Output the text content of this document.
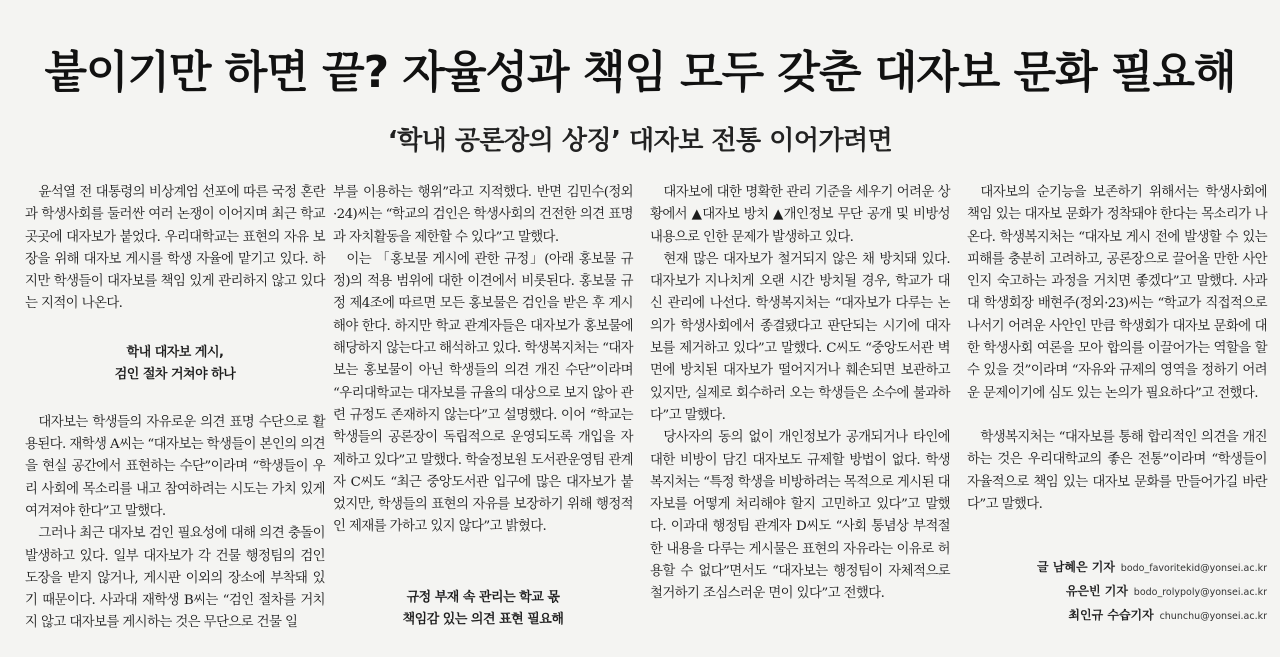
붙이기만 하면 끝? 자율성과 책임 모두 갖춘 대자보 문화 필요해
‘학내 공론장의 상징’ 대자보 전통 이어가려면

윤석열 전 대통령의 비상계엄 선포에 따른 국정 혼란과 학생사회를 둘러싼 여러 논쟁이 이어지며 최근 학교 곳곳에 대자보가 붙었다. 우리대학교는 표현의 자유 보장을 위해 대자보 게시를 학생 자율에 맡기고 있다. 하지만 학생들이 대자보를 책임 있게 관리하지 않고 있다는 지적이 나온다.

학내 대자보 게시,
검인 절차 거쳐야 하나

대자보는 학생들의 자유로운 의견 표명 수단으로 활용된다. 재학생 A씨는 “대자보는 학생들이 본인의 의견을 현실 공간에서 표현하는 수단”이라며 “학생들이 우리 사회에 목소리를 내고 참여하려는 시도는 가치 있게 여겨져야 한다”고 말했다.

그러나 최근 대자보 검인 필요성에 대해 의견 충돌이 발생하고 있다. 일부 대자보가 각 건물 행정팀의 검인 도장을 받지 않거나, 게시판 이외의 장소에 부착돼 있기 때문이다. 사과대 재학생 B씨는 “검인 절차를 거치지 않고 대자보를 게시하는 것은 무단으로 건물 일

부를 이용하는 행위”라고 지적했다. 반면 김민수(정외·24)씨는 “학교의 검인은 학생사회의 건전한 의견 표명과 자치활동을 제한할 수 있다”고 말했다.

이는 「홍보물 게시에 관한 규정」(아래 홍보물 규정)의 적용 범위에 대한 이견에서 비롯된다. 홍보물 규정 제4조에 따르면 모든 홍보물은 검인을 받은 후 게시해야 한다. 하지만 학교 관계자들은 대자보가 홍보물에 해당하지 않는다고 해석하고 있다. 학생복지처는 “대자보는 홍보물이 아닌 학생들의 의견 개진 수단”이라며 “우리대학교는 대자보를 규율의 대상으로 보지 않아 관련 규정도 존재하지 않는다”고 설명했다. 이어 “학교는 학생들의 공론장이 독립적으로 운영되도록 개입을 자제하고 있다”고 말했다. 학술정보원 도서관운영팀 관계자 C씨도 “최근 중앙도서관 입구에 많은 대자보가 붙었지만, 학생들의 표현의 자유를 보장하기 위해 행정적인 제재를 가하고 있지 않다”고 밝혔다.

규정 부재 속 관리는 학교 몫
책임감 있는 의견 표현 필요해

대자보에 대한 명확한 관리 기준을 세우기 어려운 상황에서 ▲대자보 방치 ▲개인정보 무단 공개 및 비방성 내용으로 인한 문제가 발생하고 있다.

현재 많은 대자보가 철거되지 않은 채 방치돼 있다. 대자보가 지나치게 오랜 시간 방치될 경우, 학교가 대신 관리에 나선다. 학생복지처는 “대자보가 다루는 논의가 학생사회에서 종결됐다고 판단되는 시기에 대자보를 제거하고 있다”고 말했다. C씨도 “중앙도서관 벽면에 방치된 대자보가 떨어지거나 훼손되면 보관하고 있지만, 실제로 회수하러 오는 학생들은 소수에 불과하다”고 말했다.

당사자의 동의 없이 개인정보가 공개되거나 타인에 대한 비방이 담긴 대자보도 규제할 방법이 없다. 학생복지처는 “특정 학생을 비방하려는 목적으로 게시된 대자보를 어떻게 처리해야 할지 고민하고 있다”고 말했다. 이과대 행정팀 관계자 D씨도 “사회 통념상 부적절한 내용을 다루는 게시물은 표현의 자유라는 이유로 허용할 수 없다”면서도 “대자보는 행정팀이 자체적으로 철거하기 조심스러운 면이 있다”고 전했다.

대자보의 순기능을 보존하기 위해서는 학생사회에 책임 있는 대자보 문화가 정착돼야 한다는 목소리가 나온다. 학생복지처는 “대자보 게시 전에 발생할 수 있는 피해를 충분히 고려하고, 공론장으로 끌어올 만한 사안인지 숙고하는 과정을 거치면 좋겠다”고 말했다. 사과대 학생회장 배현주(정외·23)씨는 “학교가 직접적으로 나서기 어려운 사안인 만큼 학생회가 대자보 문화에 대한 학생사회 여론을 모아 합의를 이끌어가는 역할을 할 수 있을 것”이라며 “자유와 규제의 영역을 정하기 어려운 문제이기에 심도 있는 논의가 필요하다”고 전했다.

학생복지처는 “대자보를 통해 합리적인 의견을 개진하는 것은 우리대학교의 좋은 전통”이라며 “학생들이 자율적으로 책임 있는 대자보 문화를 만들어가길 바란다”고 말했다.

글 남혜은 기자 bodo_favoritekid@yonsei.ac.kr
유은빈 기자 bodo_rolypoly@yonsei.ac.kr
최인규 수습기자 chunchu@yonsei.ac.kr
